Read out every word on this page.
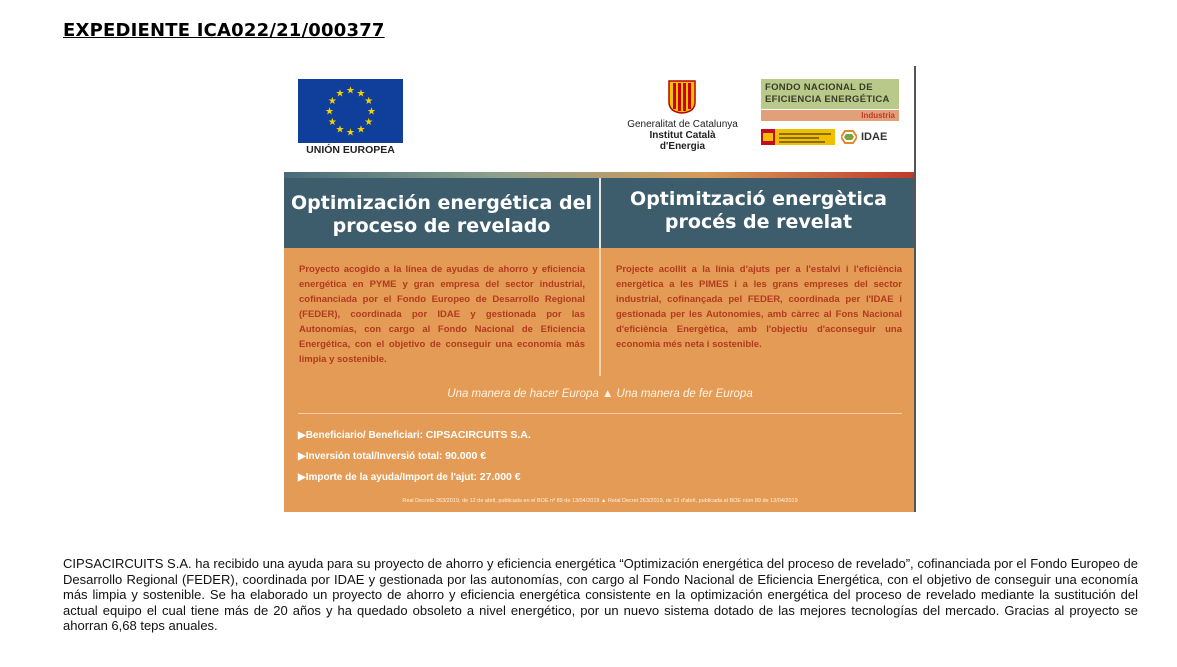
EXPEDIENTE ICA022/21/000377
★ ★
★
★
★
★
★
★
★
★
★
★
UNIÓN EUROPEA
Generalitat de Catalunya
Institut Català
d'Energia
FONDO NACIONAL DE EFICIENCIA ENERGÉTICA
Industria
IDAE
Optimización energética del proceso de revelado
Optimització energètica procés de revelat
Proyecto acogido a la línea de ayudas de ahorro y eficiencia energética en PYME y gran empresa del sector industrial, cofinanciada por el Fondo Europeo de Desarrollo Regional (FEDER), coordinada por IDAE y gestionada por las Autonomías, con cargo al Fondo Nacional de Eficiencia Energética, con el objetivo de conseguir una economía más limpia y sostenible.
Projecte acollit a la línia d'ajuts per a l'estalvi i l'eficiència energètica a les PIMES i a les grans empreses del sector industrial, cofinançada pel FEDER, coordinada per l'IDAE i gestionada per les Autonomies, amb càrrec al Fons Nacional d'eficiència Energètica, amb l'objectiu d'aconseguir una economia més neta i sostenible.
Una manera de hacer Europa ▲ Una manera de fer Europa
▶Beneficiario/ Beneficiari: CIPSACIRCUITS S.A.
▶Inversión total/Inversió total: 90.000 €
▶Importe de la ayuda/Import de l'ajut: 27.000 €
Real Decreto 263/2019, de 12 de abril, publicada en el BOE nº 89 de 13/04/2019 ▲ Reial Decret 263/2019, de 12 d'abril, publicada al BOE núm 89 de 13/04/2019
CIPSACIRCUITS S.A. ha recibido una ayuda para su proyecto de ahorro y eficiencia energética “Optimización energética del proceso de revelado”, cofinanciada por el Fondo Europeo de Desarrollo Regional (FEDER), coordinada por IDAE y gestionada por las autonomías, con cargo al Fondo Nacional de Eficiencia Energética, con el objetivo de conseguir una economía más limpia y sostenible. Se ha elaborado un proyecto de ahorro y eficiencia energética consistente en la optimización energética del proceso de revelado mediante la sustitución del actual equipo el cual tiene más de 20 años y ha quedado obsoleto a nivel energético, por un nuevo sistema dotado de las mejores tecnologías del mercado. Gracias al proyecto se ahorran 6,68 teps anuales.
